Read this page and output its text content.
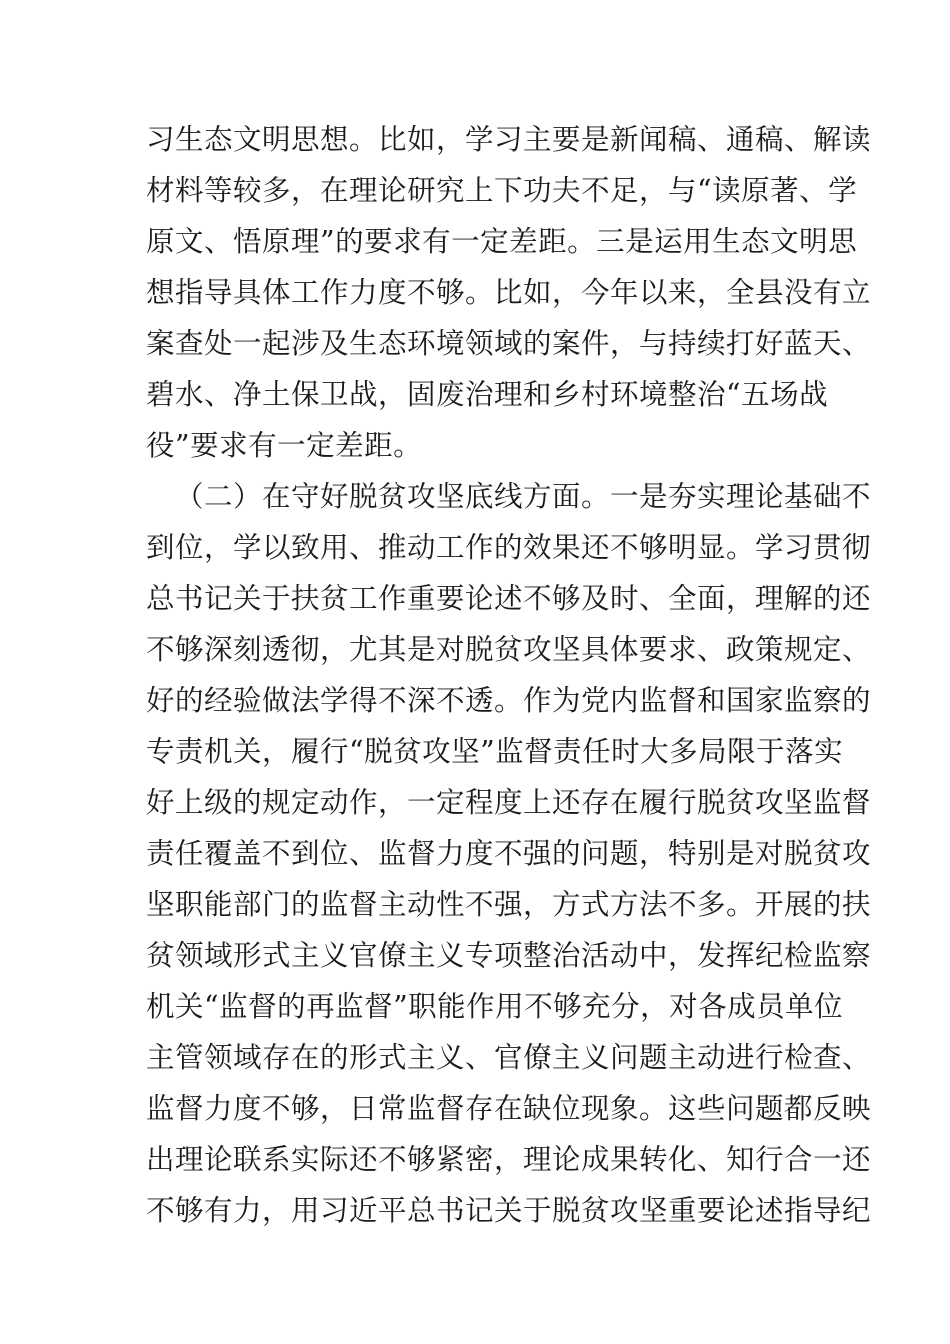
习生态文明思想。比如，学习主要是新闻稿、通稿、解读
材料等较多，在理论研究上下功夫不足，与“读原著、学
原文、悟原理”的要求有一定差距。三是运用生态文明思
想指导具体工作力度不够。比如，今年以来，全县没有立
案查处一起涉及生态环境领域的案件，与持续打好蓝天、
碧水、净土保卫战，固废治理和乡村环境整治“五场战
役”要求有一定差距。
（二）在守好脱贫攻坚底线方面。一是夯实理论基础不
到位，学以致用、推动工作的效果还不够明显。学习贯彻
总书记关于扶贫工作重要论述不够及时、全面，理解的还
不够深刻透彻，尤其是对脱贫攻坚具体要求、政策规定、
好的经验做法学得不深不透。作为党内监督和国家监察的
专责机关，履行“脱贫攻坚”监督责任时大多局限于落实
好上级的规定动作，一定程度上还存在履行脱贫攻坚监督
责任覆盖不到位、监督力度不强的问题，特别是对脱贫攻
坚职能部门的监督主动性不强，方式方法不多。开展的扶
贫领域形式主义官僚主义专项整治活动中，发挥纪检监察
机关“监督的再监督”职能作用不够充分，对各成员单位
主管领域存在的形式主义、官僚主义问题主动进行检查、
监督力度不够，日常监督存在缺位现象。这些问题都反映
出理论联系实际还不够紧密，理论成果转化、知行合一还
不够有力，用习近平总书记关于脱贫攻坚重要论述指导纪
